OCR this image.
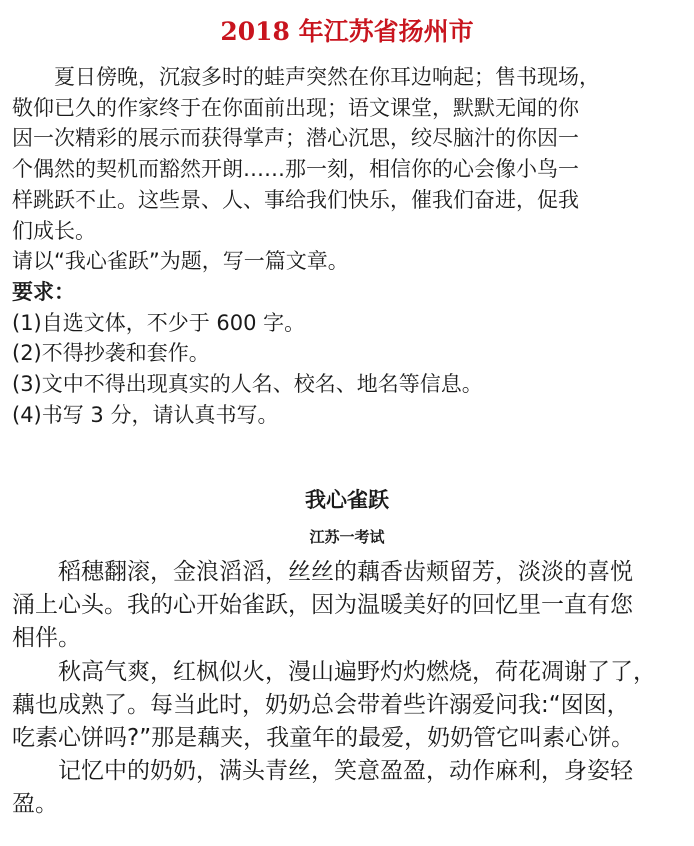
2018 年江苏省扬州市

夏日傍晚，沉寂多时的蛙声突然在你耳边响起；售书现场，

敬仰已久的作家终于在你面前出现；语文课堂，默默无闻的你

因一次精彩的展示而获得掌声；潜心沉思，绞尽脑汁的你因一

个偶然的契机而豁然开朗……那一刻，相信你的心会像小鸟一

样跳跃不止。这些景、人、事给我们快乐，催我们奋进，促我

们成长。

请以“我心雀跃”为题，写一篇文章。

要求：

(1)自选文体，不少于 600 字。

(2)不得抄袭和套作。

(3)文中不得出现真实的人名、校名、地名等信息。

(4)书写 3 分，请认真书写。

我心雀跃
江苏一考试

稻穗翻滚，金浪滔滔，丝丝的藕香齿颊留芳，淡淡的喜悦

涌上心头。我的心开始雀跃，因为温暖美好的回忆里一直有您

相伴。

秋高气爽，红枫似火，漫山遍野灼灼燃烧，荷花凋谢了了，

藕也成熟了。每当此时，奶奶总会带着些许溺爱问我:“囡囡，

吃素心饼吗?”那是藕夹，我童年的最爱，奶奶管它叫素心饼。

记忆中的奶奶，满头青丝，笑意盈盈，动作麻利，身姿轻

盈。
